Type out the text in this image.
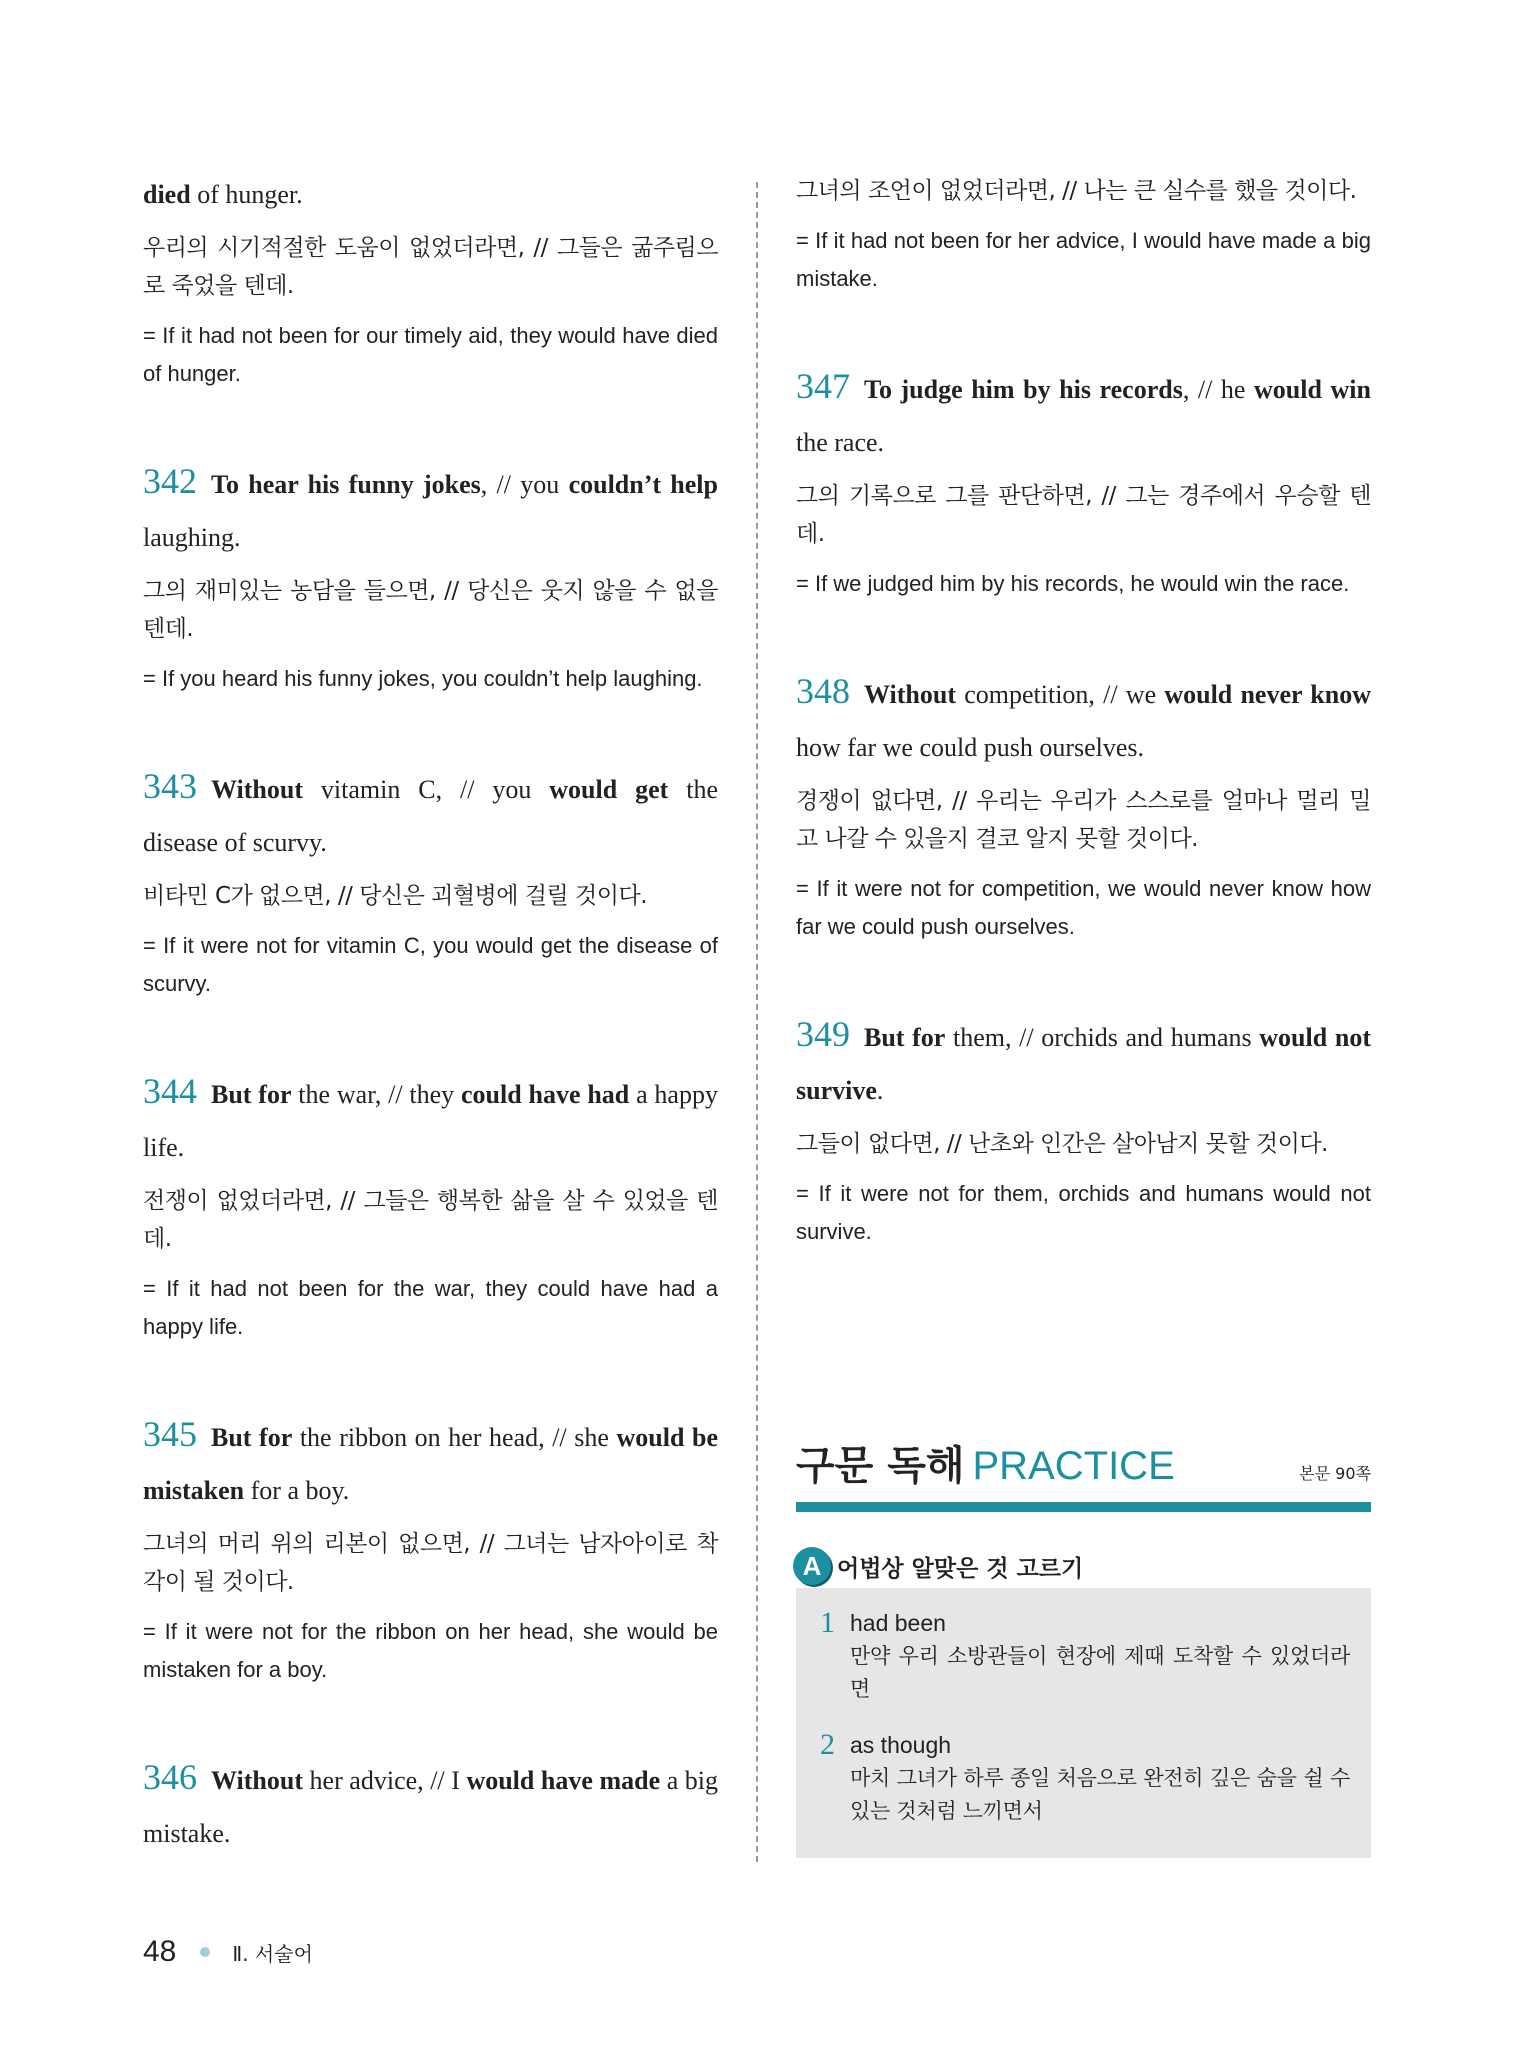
died of hunger.

우리의 시기적절한 도움이 없었더라면, // 그들은 굶주림으로 죽었을 텐데.

= If it had not been for our timely aid, they would have died of hunger.

342 To hear his funny jokes, // you couldn’t help laughing.

그의 재미있는 농담을 들으면, // 당신은 웃지 않을 수 없을 텐데.

= If you heard his funny jokes, you couldn’t help laughing.

343 Without vitamin C, // you would get the disease of scurvy.

비타민 C가 없으면, // 당신은 괴혈병에 걸릴 것이다.

= If it were not for vitamin C, you would get the disease of scurvy.

344 But for the war, // they could have had a happy life.

전쟁이 없었더라면, // 그들은 행복한 삶을 살 수 있었을 텐데.

= If it had not been for the war, they could have had a happy life.

345 But for the ribbon on her head, // she would be mistaken for a boy.

그녀의 머리 위의 리본이 없으면, // 그녀는 남자아이로 착각이 될 것이다.

= If it were not for the ribbon on her head, she would be mistaken for a boy.

346 Without her advice, // I would have made a big mistake.

그녀의 조언이 없었더라면, // 나는 큰 실수를 했을 것이다.

= If it had not been for her advice, I would have made a big mistake.

347 To judge him by his records, // he would win the race.

그의 기록으로 그를 판단하면, // 그는 경주에서 우승할 텐데.

= If we judged him by his records, he would win the race.

348 Without competition, // we would never know how far we could push ourselves.

경쟁이 없다면, // 우리는 우리가 스스로를 얼마나 멀리 밀고 나갈 수 있을지 결코 알지 못할 것이다.

= If it were not for competition, we would never know how far we could push ourselves.

349 But for them, // orchids and humans would not survive.

그들이 없다면, // 난초와 인간은 살아남지 못할 것이다.

= If it were not for them, orchids and humans would not survive.

구문 독해 PRACTICE	본문 90쪽
A 어법상 알맞은 것 고르기
1 had been
만약 우리 소방관들이 현장에 제때 도착할 수 있었더라면
2 as though
마치 그녀가 하루 종일 처음으로 완전히 깊은 숨을 쉴 수 있는 것처럼 느끼면서
48	Ⅱ. 서술어
